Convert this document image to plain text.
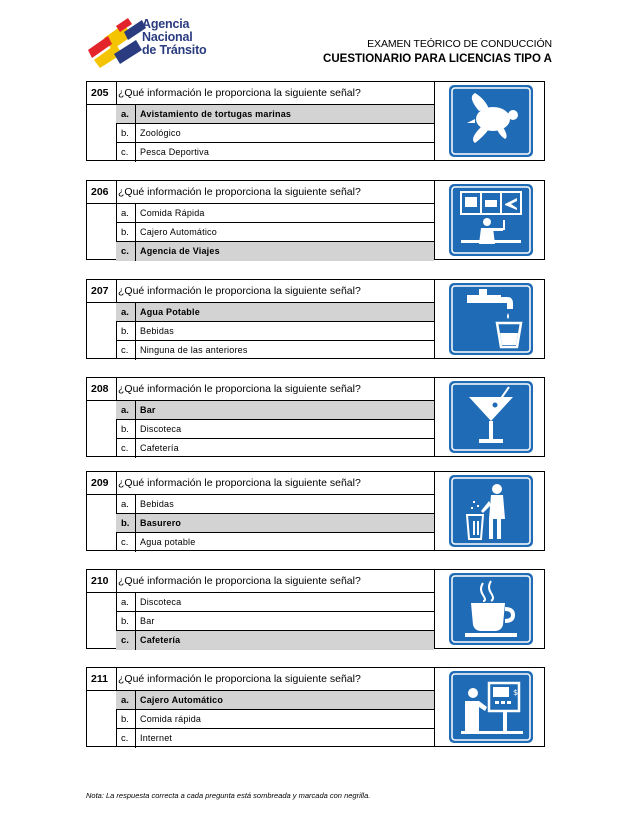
Agencia
Nacional
de Tránsito	EXAMEN TEÓRICO DE CONDUCCIÓN
CUESTIONARIO PARA LICENCIAS TIPO A
205 ¿Qué información le proporciona la siguiente señal?
a.	Avistamiento de tortugas marinas
b.	Zoológico
c.	Pesca Deportiva
206 ¿Qué información le proporciona la siguiente señal?
a.	Comida Rápida
b.	Cajero Automático
c.	Agencia de Viajes
207 ¿Qué información le proporciona la siguiente señal?
a.	Agua Potable
b.	Bebidas
c.	Ninguna de las anteriores
208 ¿Qué información le proporciona la siguiente señal?
a.	Bar
b.	Discoteca
c.	Cafetería
209 ¿Qué información le proporciona la siguiente señal?
a.	Bebidas
b.	Basurero
c.	Agua potable
210 ¿Qué información le proporciona la siguiente señal?
a.	Discoteca
b.	Bar
c.	Cafetería
211 ¿Qué información le proporciona la siguiente señal?
a.	Cajero Automático
b.	Comida rápida
c.	Internet
$
Nota: La respuesta correcta a cada pregunta está sombreada y marcada con negrilla.
